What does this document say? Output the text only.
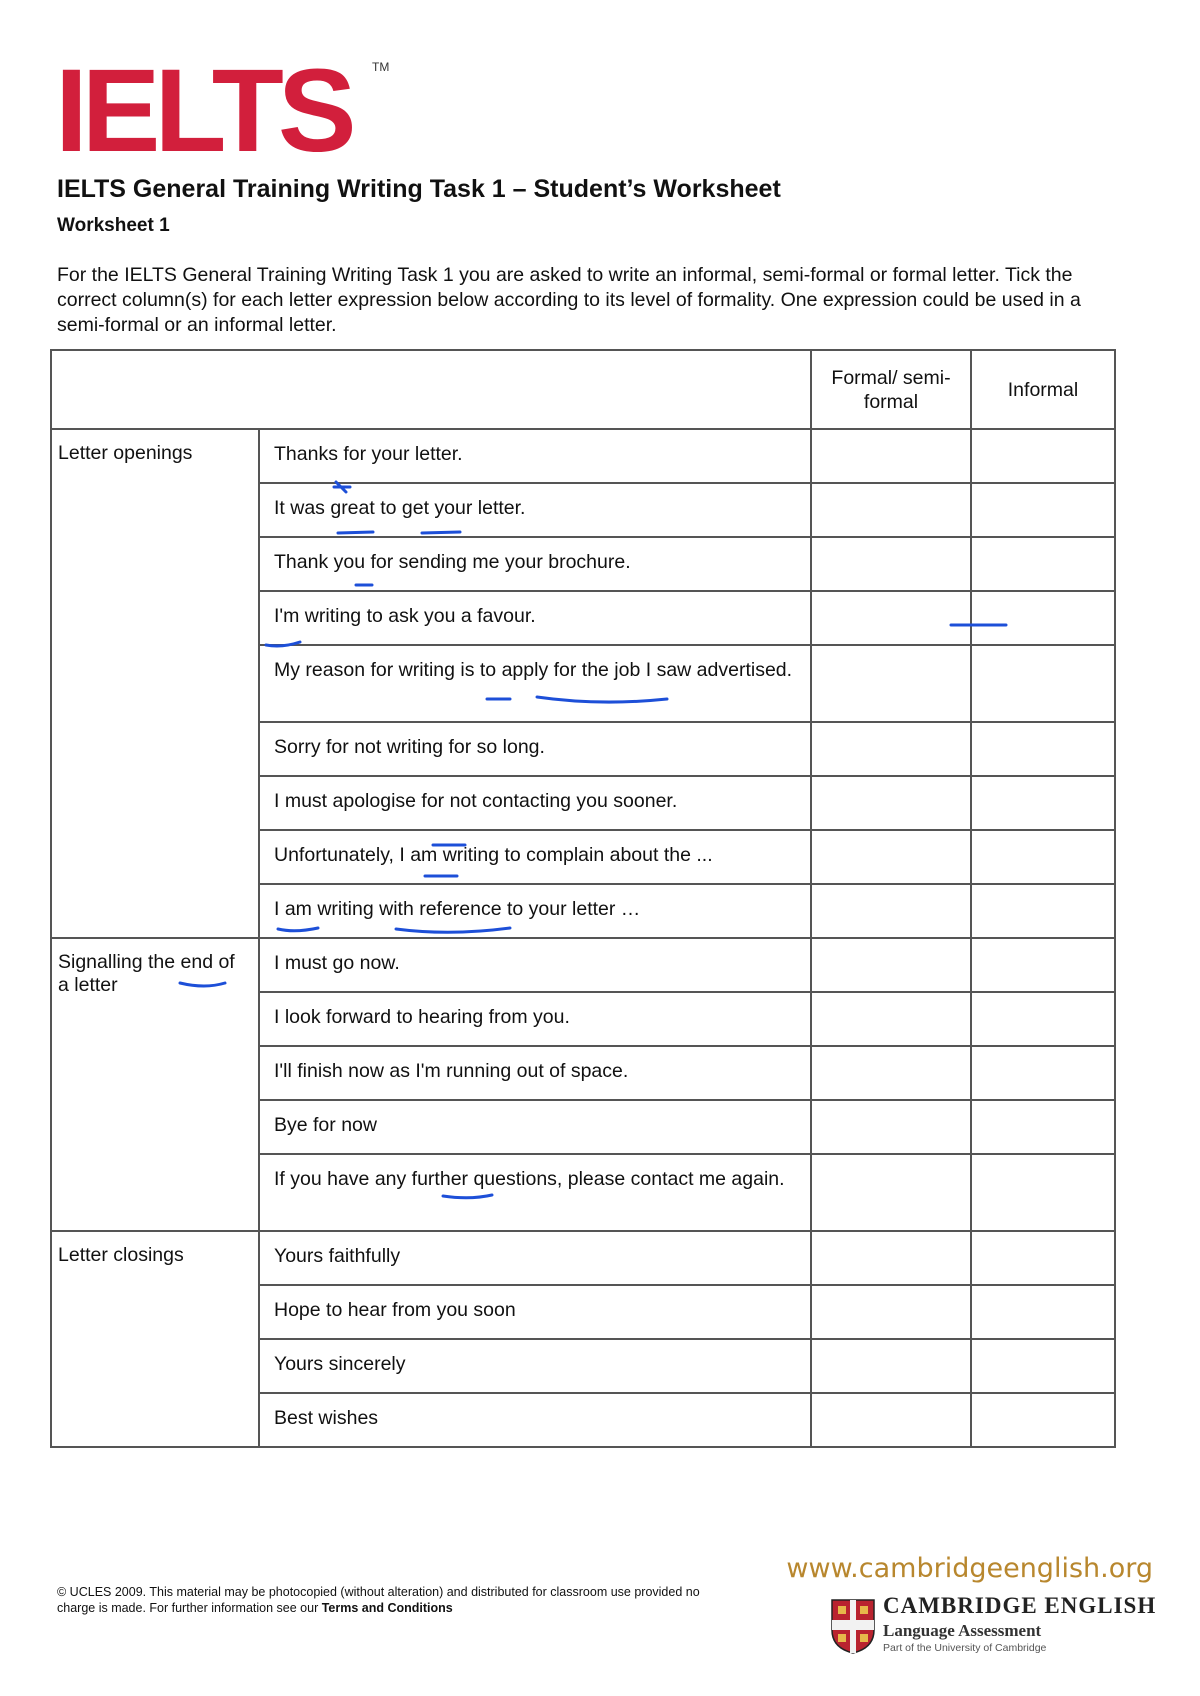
IELTS TM
IELTS General Training Writing Task 1 – Student’s Worksheet
Worksheet 1

For the IELTS General Training Writing Task 1 you are asked to write an informal, semi-formal or formal letter. Tick the correct column(s) for each letter expression below according to its level of formality. One expression could be used in a semi-formal or an informal letter.

		Formal/ semi-formal	Informal
Letter openings	Thanks for your letter.		
	It was great to get your letter.		
	Thank you for sending me your brochure.		
	I'm writing to ask you a favour.		
	My reason for writing is to apply for the job I saw advertised.		
	Sorry for not writing for so long.		
	I must apologise for not contacting you sooner.		
	Unfortunately, I am writing to complain about the ...		
	I am writing with reference to your letter …		
Signalling the end of a letter	I must go now.		
	I look forward to hearing from you.		
	I'll finish now as I'm running out of space.		
	Bye for now		
	If you have any further questions, please contact me again.		
Letter closings	Yours faithfully		
	Hope to hear from you soon		
	Yours sincerely		
	Best wishes		

© UCLES 2009. This material may be photocopied (without alteration) and distributed for classroom use provided no charge is made. For further information see our Terms and Conditions

www.cambridgeenglish.org

CAMBRIDGE ENGLISH

Language Assessment

Part of the University of Cambridge
